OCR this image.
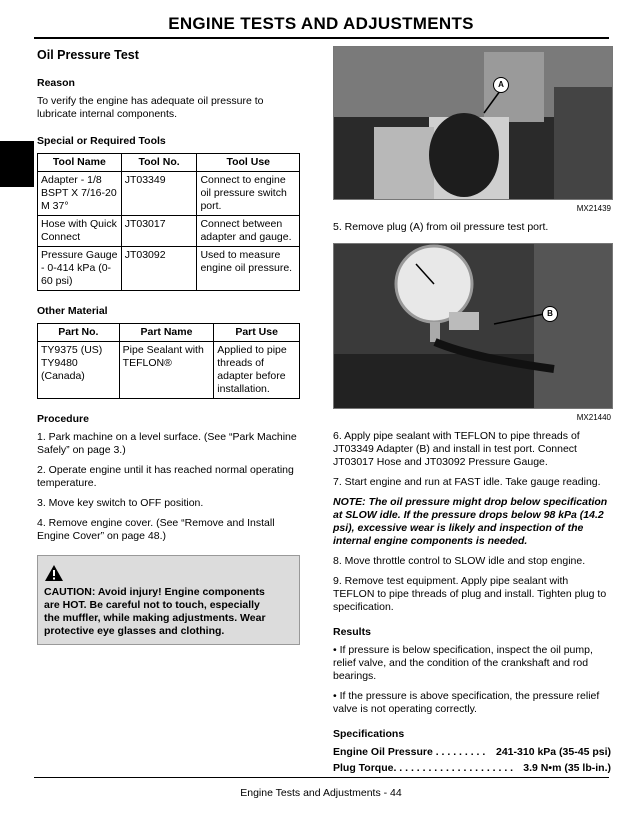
ENGINE TESTS AND ADJUSTMENTS
Oil Pressure Test
Reason

To verify the engine has adequate oil pressure to lubricate internal components.

Special or Required Tools
Tool Name	Tool No.	Tool Use
Adapter - 1/8 BSPT X 7/16-20 M 37°	JT03349	Connect to engine oil pressure switch port.
Hose with Quick Connect	JT03017	Connect between adapter and gauge.
Pressure Gauge - 0-414 kPa (0-60 psi)	JT03092	Used to measure engine oil pressure.
Other Material
Part No.	Part Name	Part Use
TY9375 (US) TY9480 (Canada)	Pipe Sealant with TEFLON®	Applied to pipe threads of adapter before installation.
Procedure

1. Park machine on a level surface. (See “Park Machine Safely” on page 3.)

2. Operate engine until it has reached normal operating temperature.

3. Move key switch to OFF position.

4. Remove engine cover. (See “Remove and Install Engine Cover” on page 48.)

CAUTION: Avoid injury! Engine components are HOT. Be careful not to touch, especially the muffler, while making adjustments. Wear protective eye glasses and clothing.
A
MX21439

5. Remove plug (A) from oil pressure test port.

B
MX21440

6. Apply pipe sealant with TEFLON to pipe threads of JT03349 Adapter (B) and install in test port. Connect JT03017 Hose and JT03092 Pressure Gauge.

7. Start engine and run at FAST idle. Take gauge reading.

NOTE: The oil pressure might drop below specification at SLOW idle. If the pressure drops below 98 kPa (14.2 psi), excessive wear is likely and inspection of the internal engine components is needed.

8. Move throttle control to SLOW idle and stop engine.

9. Remove test equipment. Apply pipe sealant with TEFLON to pipe threads of plug and install. Tighten plug to specification.

Results

• If pressure is below specification, inspect the oil pump, relief valve, and the condition of the crankshaft and rod bearings.

• If the pressure is above specification, the pressure relief valve is not operating correctly.

Specifications
Engine Oil Pressure . . . . . . . . . 241-310 kPa (35-45 psi)
Plug Torque. . . . . . . . . . . . . . . . . . . . . 3.9 N•m (35 lb-in.)
Engine Tests and Adjustments - 44
